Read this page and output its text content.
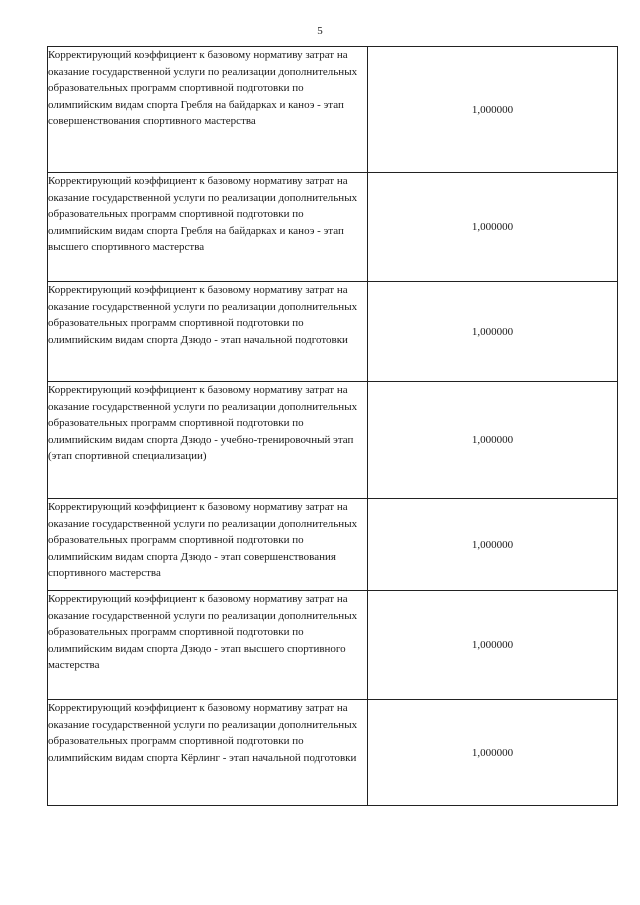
5
Корректирующий коэффициент к базовому нормативу затрат на оказание государственной услуги по реализации дополнительных образовательных программ спортивной подготовки по олимпийским видам спорта Гребля на байдарках и каноэ - этап совершенствования спортивного мастерства	1,000000
Корректирующий коэффициент к базовому нормативу затрат на оказание государственной услуги по реализации дополнительных образовательных программ спортивной подготовки по олимпийским видам спорта Гребля на байдарках и каноэ - этап высшего спортивного мастерства	1,000000
Корректирующий коэффициент к базовому нормативу затрат на оказание государственной услуги по реализации дополнительных образовательных программ спортивной подготовки по олимпийским видам спорта Дзюдо - этап начальной подготовки	1,000000
Корректирующий коэффициент к базовому нормативу затрат на оказание государственной услуги по реализации дополнительных образовательных программ спортивной подготовки по олимпийским видам спорта Дзюдо - учебно-тренировочный этап (этап спортивной специализации)	1,000000
Корректирующий коэффициент к базовому нормативу затрат на оказание государственной услуги по реализации дополнительных образовательных программ спортивной подготовки по олимпийским видам спорта Дзюдо - этап совершенствования спортивного мастерства	1,000000
Корректирующий коэффициент к базовому нормативу затрат на оказание государственной услуги по реализации дополнительных образовательных программ спортивной подготовки по олимпийским видам спорта Дзюдо - этап высшего спортивного мастерства	1,000000
Корректирующий коэффициент к базовому нормативу затрат на оказание государственной услуги по реализации дополнительных образовательных программ спортивной подготовки по олимпийским видам спорта Кёрлинг - этап начальной подготовки	1,000000
